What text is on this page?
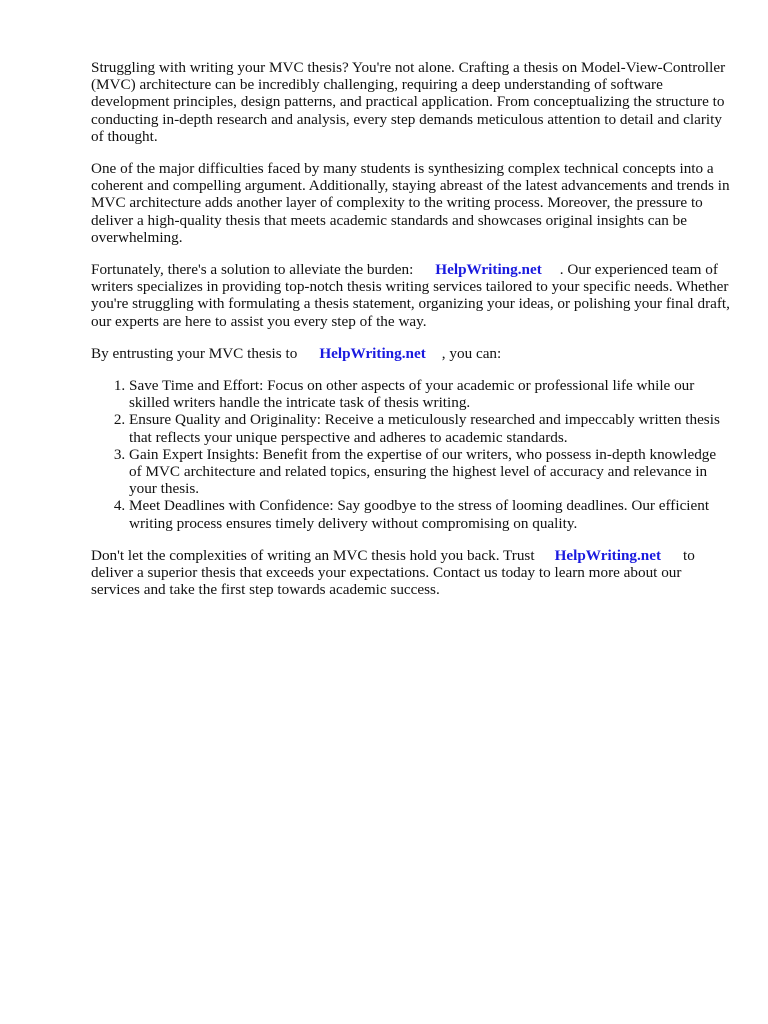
Struggling with writing your MVC thesis? You're not alone. Crafting a thesis on Model-View-Controller (MVC) architecture can be incredibly challenging, requiring a deep understanding of software development principles, design patterns, and practical application. From conceptualizing the structure to conducting in-depth research and analysis, every step demands meticulous attention to detail and clarity of thought.

One of the major difficulties faced by many students is synthesizing complex technical concepts into a coherent and compelling argument. Additionally, staying abreast of the latest advancements and trends in MVC architecture adds another layer of complexity to the writing process. Moreover, the pressure to deliver a high-quality thesis that meets academic standards and showcases original insights can be overwhelming.

Fortunately, there's a solution to alleviate the burden: HelpWriting.net . Our experienced team of writers specializes in providing top-notch thesis writing services tailored to your specific needs. Whether you're struggling with formulating a thesis statement, organizing your ideas, or polishing your final draft, our experts are here to assist you every step of the way.

By entrusting your MVC thesis to HelpWriting.net , you can:

1. Save Time and Effort: Focus on other aspects of your academic or professional life while our skilled writers handle the intricate task of thesis writing.
2. Ensure Quality and Originality: Receive a meticulously researched and impeccably written thesis that reflects your unique perspective and adheres to academic standards.
3. Gain Expert Insights: Benefit from the expertise of our writers, who possess in-depth knowledge of MVC architecture and related topics, ensuring the highest level of accuracy and relevance in your thesis.
4. Meet Deadlines with Confidence: Say goodbye to the stress of looming deadlines. Our efficient writing process ensures timely delivery without compromising on quality.

Don't let the complexities of writing an MVC thesis hold you back. Trust HelpWriting.net to deliver a superior thesis that exceeds your expectations. Contact us today to learn more about our services and take the first step towards academic success.
